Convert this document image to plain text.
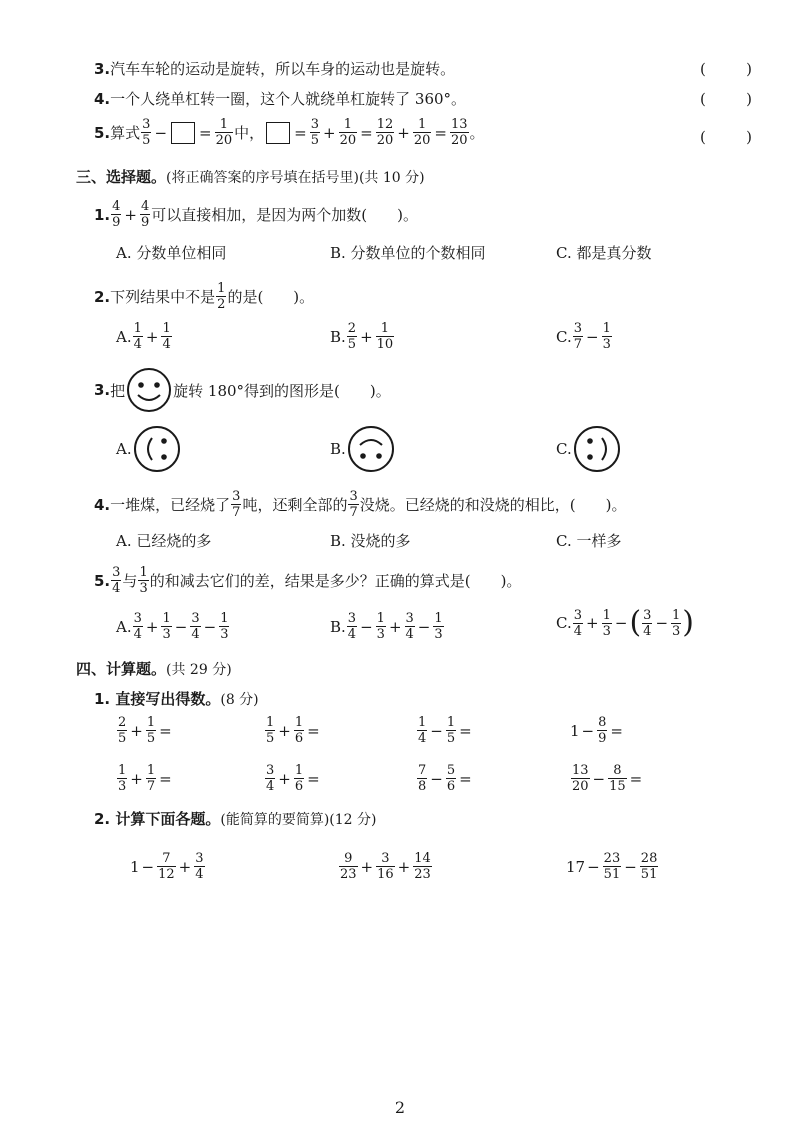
3. 汽车车轮的运动是旋转，所以车身的运动也是旋转。	(	)
4. 一个人绕单杠转一圈，这个人就绕单杠旋转了 360°。	(	)
5. 算式 $\frac{3}{5}$ − = $\frac{1}{20}$ 中， = $\frac{3}{5} + \frac{1}{20} = \frac{12}{20} + \frac{1}{20} = \frac{13}{20}$ 。	(	)
三、选择题。 (将正确答案的序号填在括号里)(共 10 分)
1. $\frac{4}{9} + \frac{4}{9}$ 可以直接相加，是因为两个加数(　　)。
A. 分数单位相同	B. 分数单位的个数相同	C. 都是真分数
2. 下列结果中不是 $\frac{1}{2}$ 的是(　　)。
A. $\frac{1}{4} + \frac{1}{4}$	B. $\frac{2}{5} + \frac{1}{10}$	C. $\frac{3}{7} - \frac{1}{3}$
3. 把	旋转 180°得到的图形是(　　)。
A.	B.	C.
4. 一堆煤，已经烧了 $\frac{3}{7}$ 吨，还剩全部的 $\frac{3}{7}$ 没烧。已经烧的和没烧的相比，(　　)。
A. 已经烧的多	B. 没烧的多	C. 一样多
5. $\frac{3}{4}$ 与 $\frac{1}{3}$ 的和减去它们的差，结果是多少？正确的算式是(　　)。
A. $\frac{3}{4} + \frac{1}{3} - \frac{3}{4} - \frac{1}{3}$	B. $\frac{3}{4} - \frac{1}{3} + \frac{3}{4} - \frac{1}{3}$	C. $\frac{3}{4} + \frac{1}{3}$ − ( $\frac{3}{4} - \frac{1}{3}$ )
四、计算题。 (共 29 分)
1. 直接写出得数。 (8 分)
$\frac{2}{5} + \frac{1}{5}$ =	$\frac{1}{5} + \frac{1}{6}$ =	$\frac{1}{4} - \frac{1}{5}$ =	$1 - \frac{8}{9}$ =
$\frac{1}{3} + \frac{1}{7}$ =	$\frac{3}{4} + \frac{1}{6}$ =	$\frac{7}{8} - \frac{5}{6}$ =	$\frac{13}{20} - \frac{8}{15}$ =
2. 计算下面各题。 (能简算的要简算)(12 分)
$1 - \frac{7}{12} + \frac{3}{4}$	$\frac{9}{23} + \frac{3}{16} + \frac{14}{23}$	$17 - \frac{23}{51} - \frac{28}{51}$
2
